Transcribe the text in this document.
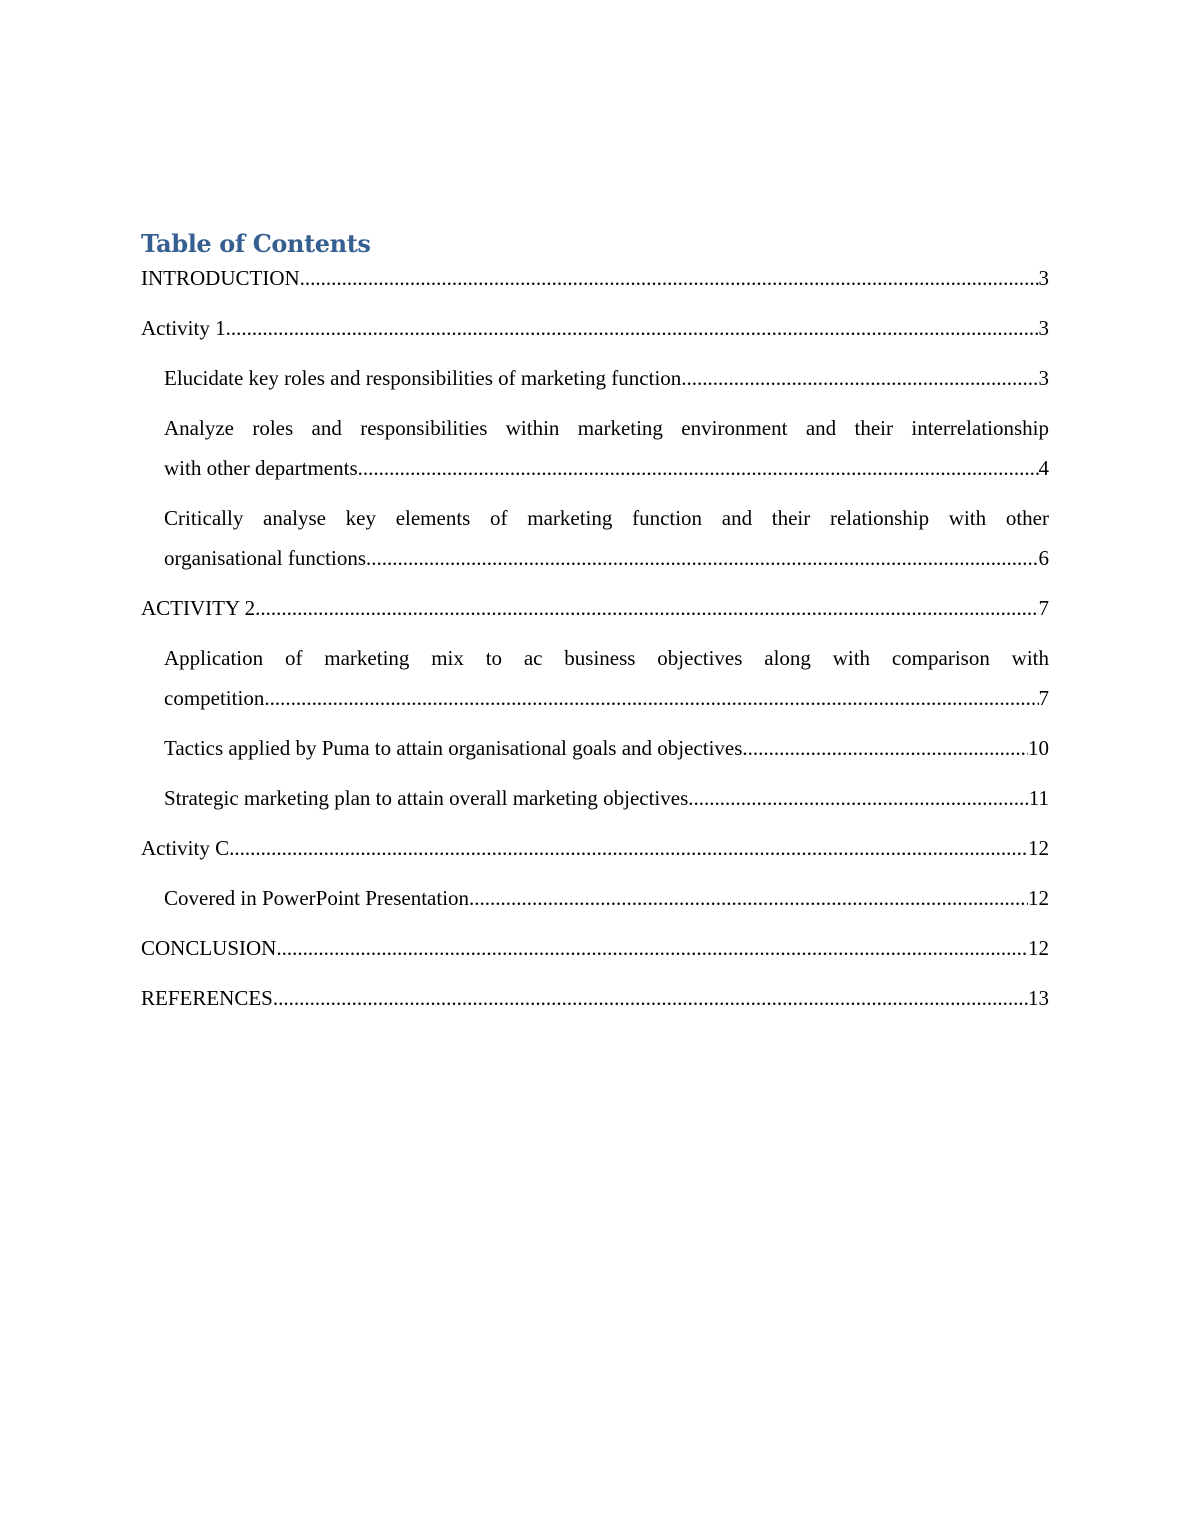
Table of Contents
INTRODUCTION .....	3
Activity 1 .....	3
Elucidate key roles and responsibilities of marketing function .....	3
Analyze roles and responsibilities within marketing environment and their interrelationship
with other departments .....	4
Critically analyse key elements of marketing function and their relationship with other
organisational functions .....	6
ACTIVITY 2 .....	7
Application of marketing mix to ac business objectives along with comparison with
competition .....	7
Tactics applied by Puma to attain organisational goals and objectives .....	10
Strategic marketing plan to attain overall marketing objectives .....	11
Activity C .....	12
Covered in PowerPoint Presentation .....	12
CONCLUSION .....	12
REFERENCES .....	13
